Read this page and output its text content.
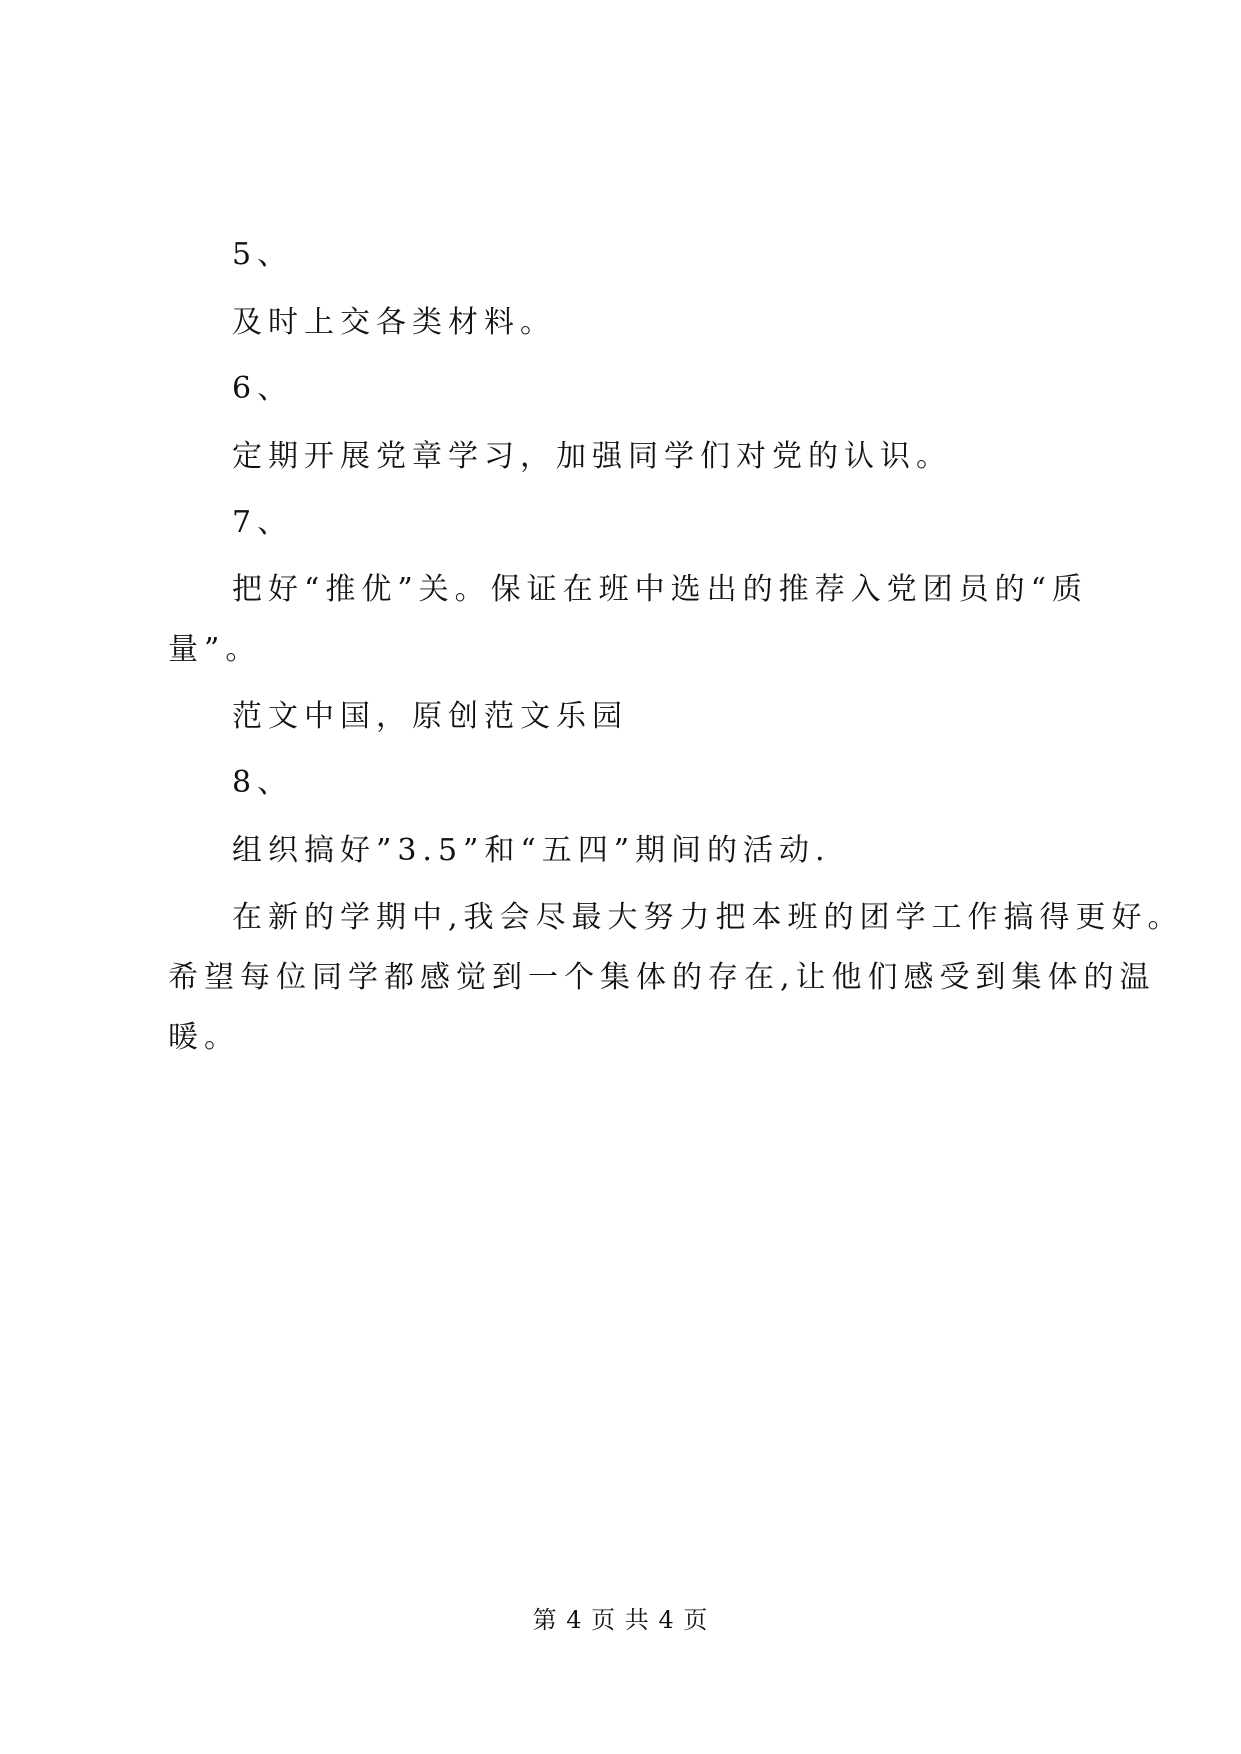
5、
及时上交各类材料。
6、
定期开展党章学习，加强同学们对党的认识。
7、
把好“推优”关。保证在班中选出的推荐入党团员的“质
量”。
范文中国，原创范文乐园
8、
组织搞好”3.5”和“五四”期间的活动.
在新的学期中,我会尽最大努力把本班的团学工作搞得更好。
希望每位同学都感觉到一个集体的存在,让他们感受到集体的温
暖。
第 4 页 共 4 页
